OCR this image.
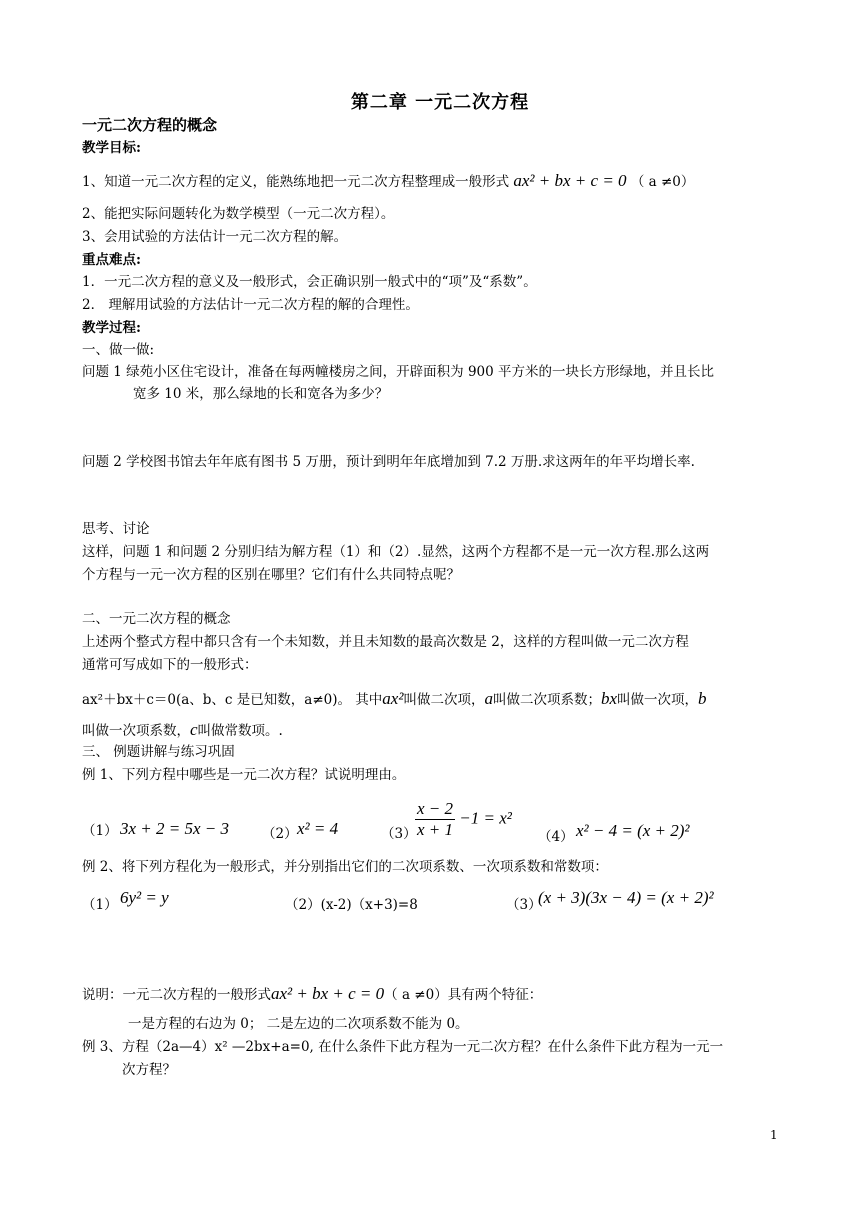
第二章 一元二次方程
一元二次方程的概念
教学目标:
1、知道一元二次方程的定义，能熟练地把一元二次方程整理成一般形式 ax² + bx + c = 0 （ a ≠0）
2、能把实际问题转化为数学模型（一元二次方程）。
3、会用试验的方法估计一元二次方程的解。
重点难点:
1．一元二次方程的意义及一般形式，会正确识别一般式中的“项”及“系数”。
2． 理解用试验的方法估计一元二次方程的解的合理性。
教学过程:
一、做一做:
问题 1 绿苑小区住宅设计，准备在每两幢楼房之间，开辟面积为 900 平方米的一块长方形绿地，并且长比
宽多 10 米，那么绿地的长和宽各为多少？
问题 2 学校图书馆去年年底有图书 5 万册，预计到明年年底增加到 7.2 万册.求这两年的年平均增长率.
思考、讨论
这样，问题 1 和问题 2 分别归结为解方程（1）和（2）.显然，这两个方程都不是一元一次方程.那么这两
个方程与一元一次方程的区别在哪里？它们有什么共同特点呢？
二、一元二次方程的概念
上述两个整式方程中都只含有一个未知数，并且未知数的最高次数是 2，这样的方程叫做一元二次方程
通常可写成如下的一般形式：
ax²＋bx＋c＝0(a、b、c 是已知数，a≠0)。 其中ax²叫做二次项，a叫做二次项系数；bx叫做一次项，b
叫做一次项系数，c叫做常数项。.
三、 例题讲解与练习巩固
例 1、下列方程中哪些是一元二次方程？试说明理由。
（1） 3x + 2 = 5x − 3 （2） x² = 4	（3）
$\frac{x - 2}{x + 1} -1 = x^2$
（4） x² − 4 = (x + 2)²
例 2、将下列方程化为一般形式，并分别指出它们的二次项系数、一次项系数和常数项：
（1） 6y² = y	（2）(x-2)（x+3)=8	（3）
(x + 3)(3x − 4) = (x + 2)²
说明：一元二次方程的一般形式ax² + bx + c = 0（ a ≠0）具有两个特征：
一是方程的右边为 0； 二是左边的二次项系数不能为 0。
例 3、方程（2a—4）x² —2bx+a=0, 在什么条件下此方程为一元二次方程？在什么条件下此方程为一元一
次方程？
1
